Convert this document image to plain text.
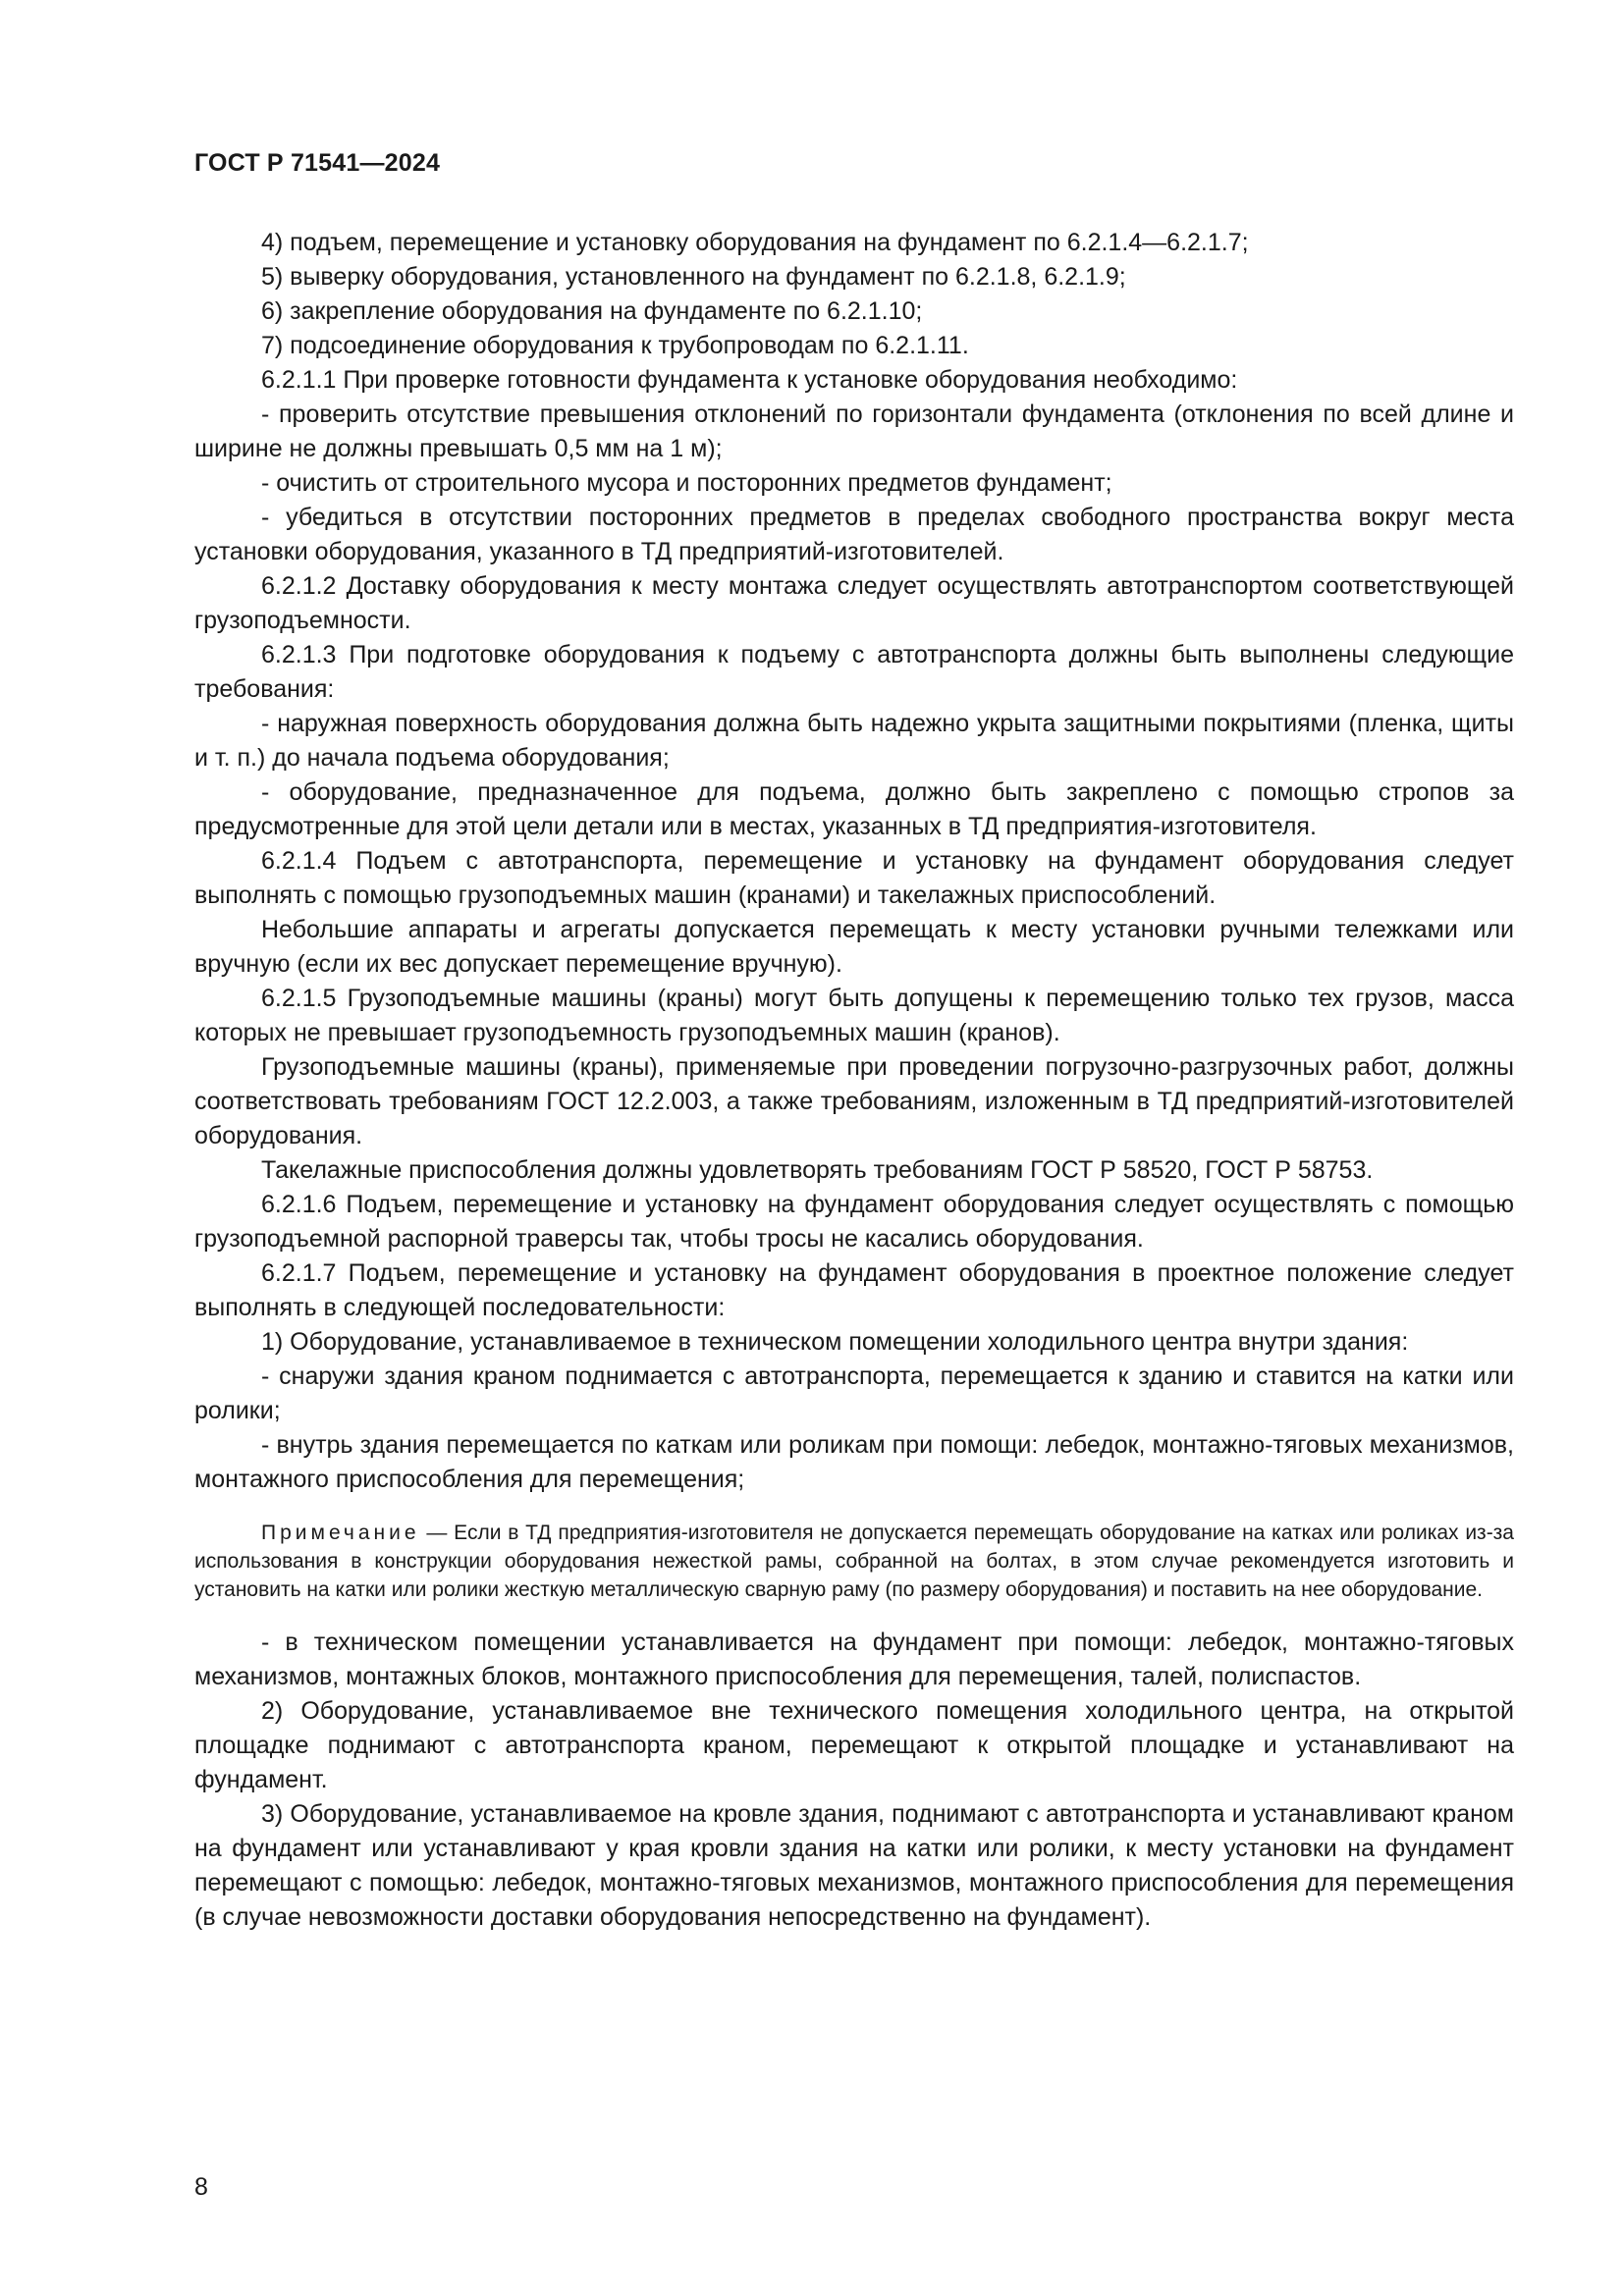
ГОСТ Р 71541—2024

4) подъем, перемещение и установку оборудования на фундамент по 6.2.1.4—6.2.1.7;

5) выверку оборудования, установленного на фундамент по 6.2.1.8, 6.2.1.9;

6) закрепление оборудования на фундаменте по 6.2.1.10;

7) подсоединение оборудования к трубопроводам по 6.2.1.11.

6.2.1.1 При проверке готовности фундамента к установке оборудования необходимо:

- проверить отсутствие превышения отклонений по горизонтали фундамента (отклонения по всей длине и ширине не должны превышать 0,5 мм на 1 м);

- очистить от строительного мусора и посторонних предметов фундамент;

- убедиться в отсутствии посторонних предметов в пределах свободного пространства вокруг места установки оборудования, указанного в ТД предприятий-изготовителей.

6.2.1.2 Доставку оборудования к месту монтажа следует осуществлять автотранспортом соответствующей грузоподъемности.

6.2.1.3 При подготовке оборудования к подъему с автотранспорта должны быть выполнены следующие требования:

- наружная поверхность оборудования должна быть надежно укрыта защитными покрытиями (пленка, щиты и т. п.) до начала подъема оборудования;

- оборудование, предназначенное для подъема, должно быть закреплено с помощью стропов за предусмотренные для этой цели детали или в местах, указанных в ТД предприятия-изготовителя.

6.2.1.4 Подъем с автотранспорта, перемещение и установку на фундамент оборудования следует выполнять с помощью грузоподъемных машин (кранами) и такелажных приспособлений.

Небольшие аппараты и агрегаты допускается перемещать к месту установки ручными тележками или вручную (если их вес допускает перемещение вручную).

6.2.1.5 Грузоподъемные машины (краны) могут быть допущены к перемещению только тех грузов, масса которых не превышает грузоподъемность грузоподъемных машин (кранов).

Грузоподъемные машины (краны), применяемые при проведении погрузочно-разгрузочных работ, должны соответствовать требованиям ГОСТ 12.2.003, а также требованиям, изложенным в ТД предприятий-изготовителей оборудования.

Такелажные приспособления должны удовлетворять требованиям ГОСТ Р 58520, ГОСТ Р 58753.

6.2.1.6 Подъем, перемещение и установку на фундамент оборудования следует осуществлять с помощью грузоподъемной распорной траверсы так, чтобы тросы не касались оборудования.

6.2.1.7 Подъем, перемещение и установку на фундамент оборудования в проектное положение следует выполнять в следующей последовательности:

1) Оборудование, устанавливаемое в техническом помещении холодильного центра внутри здания:

- снаружи здания краном поднимается с автотранспорта, перемещается к зданию и ставится на катки или ролики;

- внутрь здания перемещается по каткам или роликам при помощи: лебедок, монтажно-тяговых механизмов, монтажного приспособления для перемещения;

Примечание — Если в ТД предприятия-изготовителя не допускается перемещать оборудование на катках или роликах из-за использования в конструкции оборудования нежесткой рамы, собранной на болтах, в этом случае рекомендуется изготовить и установить на катки или ролики жесткую металлическую сварную раму (по размеру оборудования) и поставить на нее оборудование.

- в техническом помещении устанавливается на фундамент при помощи: лебедок, монтажно-тяговых механизмов, монтажных блоков, монтажного приспособления для перемещения, талей, полиспастов.

2) Оборудование, устанавливаемое вне технического помещения холодильного центра, на открытой площадке поднимают с автотранспорта краном, перемещают к открытой площадке и устанавливают на фундамент.

3) Оборудование, устанавливаемое на кровле здания, поднимают с автотранспорта и устанавливают краном на фундамент или устанавливают у края кровли здания на катки или ролики, к месту установки на фундамент перемещают с помощью: лебедок, монтажно-тяговых механизмов, монтажного приспособления для перемещения (в случае невозможности доставки оборудования непосредственно на фундамент).

8
